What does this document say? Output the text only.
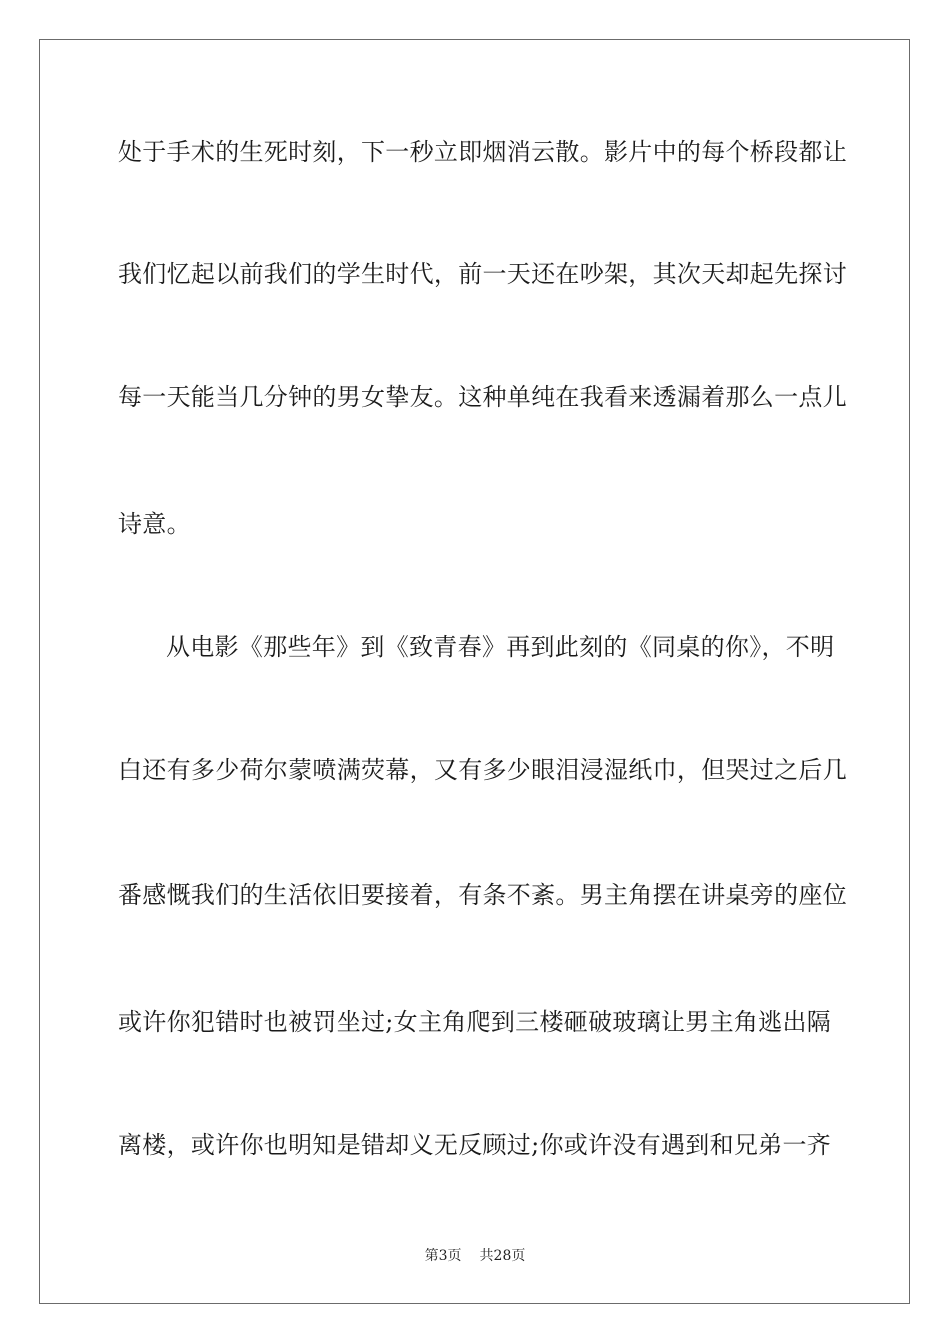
处于手术的生死时刻，下一秒立即烟消云散。影片中的每个桥段都让
我们忆起以前我们的学生时代，前一天还在吵架，其次天却起先探讨
每一天能当几分钟的男女挚友。这种单纯在我看来透漏着那么一点儿
诗意。
从电影《那些年》到《致青春》再到此刻的《同桌的你》，不明
白还有多少荷尔蒙喷满荧幕，又有多少眼泪浸湿纸巾，但哭过之后几
番感慨我们的生活依旧要接着，有条不紊。男主角摆在讲桌旁的座位
或许你犯错时也被罚坐过;女主角爬到三楼砸破玻璃让男主角逃出隔
离楼，或许你也明知是错却义无反顾过;你或许没有遇到和兄弟一齐
第3页 共28页
